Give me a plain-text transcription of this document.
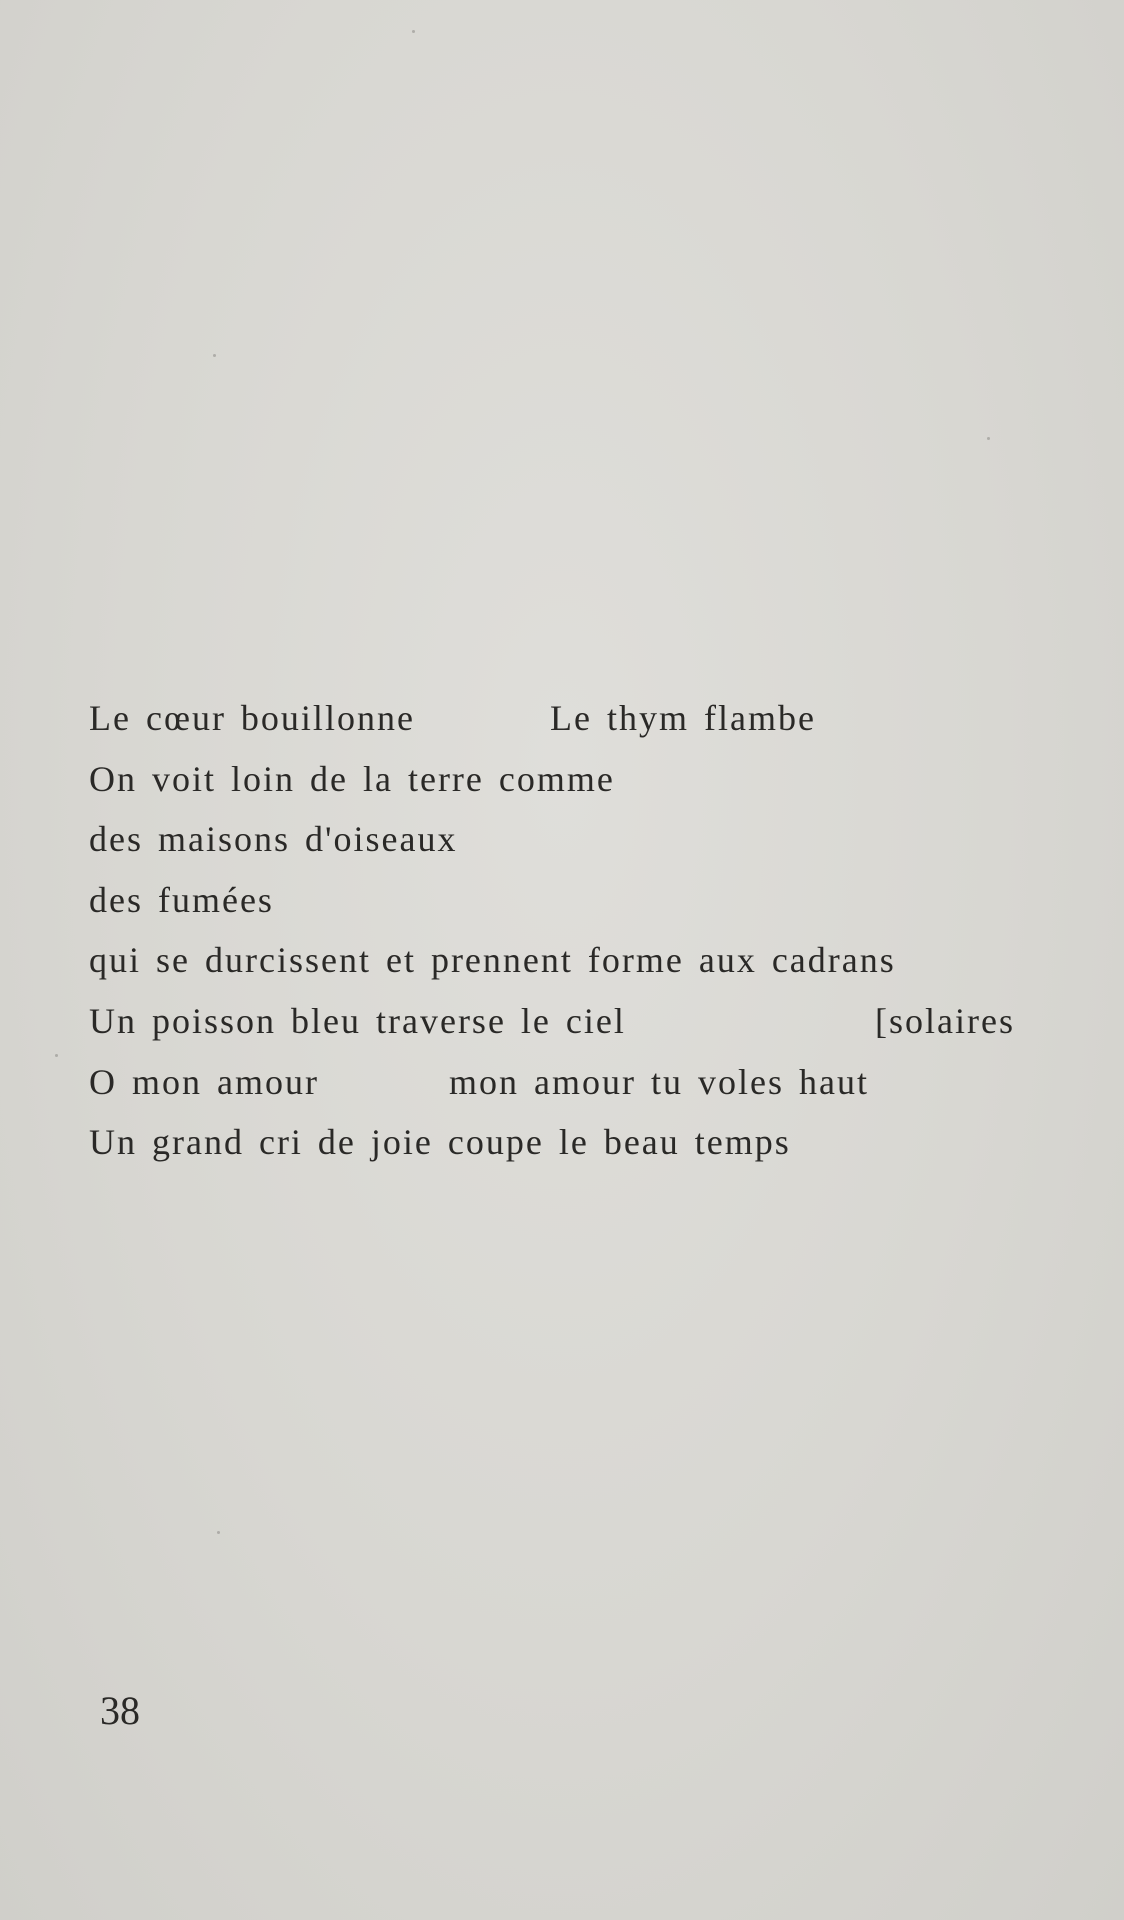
Le cœur bouillonne

	Le thym flambe

On voit loin de la terre comme

des maisons d'oiseaux

des fumées

qui se durcissent et prennent forme aux cadrans

Un poisson bleu traverse le ciel

	[solaires

O mon amour

	mon amour tu voles haut

Un grand cri de joie coupe le beau temps

38
